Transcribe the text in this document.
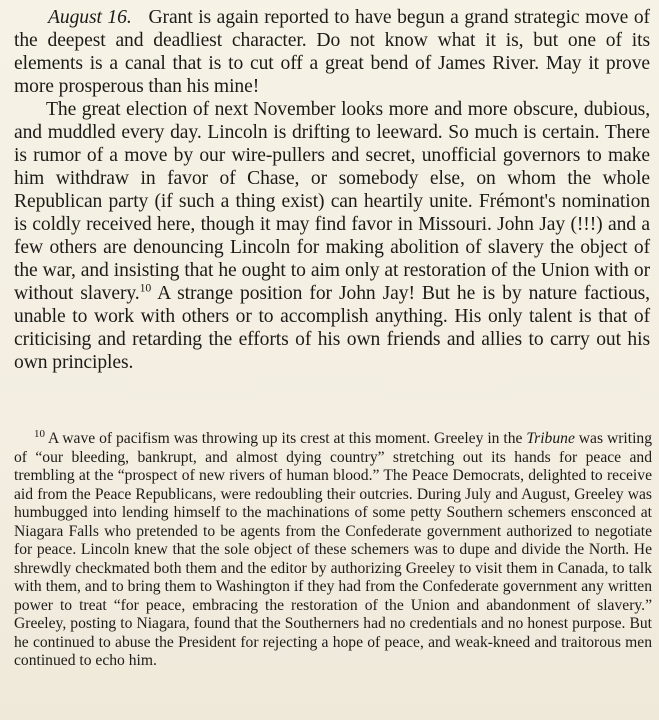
August 16. Grant is again reported to have begun a grand strategic move of the deepest and deadliest character. Do not know what it is, but one of its elements is a canal that is to cut off a great bend of James River. May it prove more prosperous than his mine!

The great election of next November looks more and more obscure, dubious, and muddled every day. Lincoln is drifting to leeward. So much is certain. There is rumor of a move by our wire-pullers and secret, unofficial governors to make him withdraw in favor of Chase, or somebody else, on whom the whole Republican party (if such a thing exist) can heartily unite. Frémont's nomination is coldly received here, though it may find favor in Missouri. John Jay (!!!) and a few others are denouncing Lincoln for making abolition of slavery the object of the war, and insisting that he ought to aim only at restoration of the Union with or without slavery.$^{10}$ A strange position for John Jay! But he is by nature factious, unable to work with others or to accomplish anything. His only talent is that of criticising and retarding the efforts of his own friends and allies to carry out his own principles.

$^{10}$ A wave of pacifism was throwing up its crest at this moment. Greeley in the Tribune was writing of “our bleeding, bankrupt, and almost dying country” stretching out its hands for peace and trembling at the “prospect of new rivers of human blood.” The Peace Democrats, delighted to receive aid from the Peace Republicans, were redoubling their outcries. During July and August, Greeley was humbugged into lending himself to the machinations of some petty Southern schemers ensconced at Niagara Falls who pretended to be agents from the Confederate government authorized to negotiate for peace. Lincoln knew that the sole object of these schemers was to dupe and divide the North. He shrewdly checkmated both them and the editor by authorizing Greeley to visit them in Canada, to talk with them, and to bring them to Washington if they had from the Confederate government any written power to treat “for peace, embracing the restoration of the Union and abandonment of slavery.” Greeley, posting to Niagara, found that the Southerners had no credentials and no honest purpose. But he continued to abuse the President for rejecting a hope of peace, and weak-kneed and traitorous men continued to echo him.
